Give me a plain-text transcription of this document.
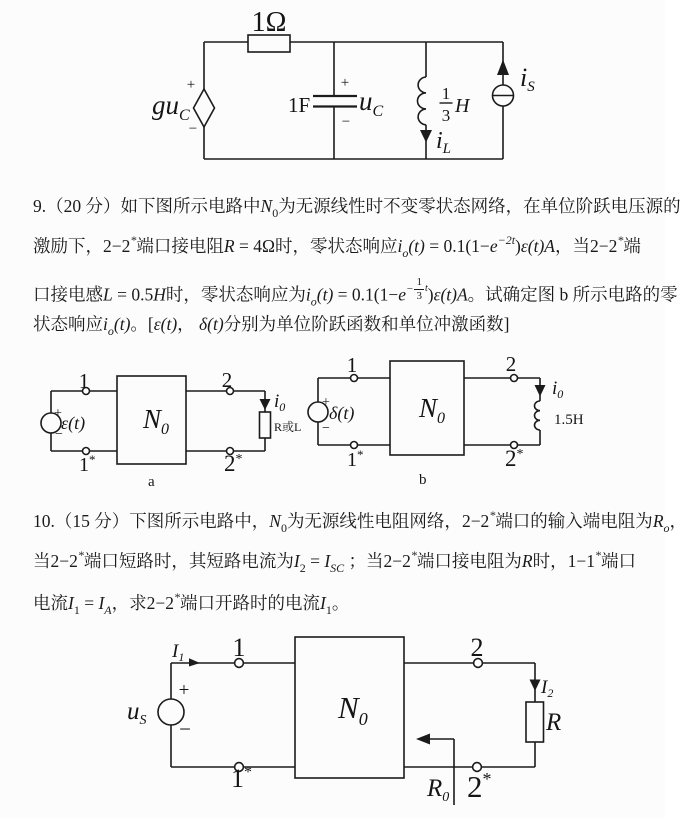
1Ω
$gu_C$
+
−
1F
+
−
$u_C$
1
3 H
$i_L$
iS
9.（20 分）如下图所示电路中$N_0$为无源线性时不变零状态网络，在单位阶跃电压源的
激励下，2−2*端口接电阻R = 4Ω时，零状态响应$i_o(t) = 0.1(1-e^{-2t})\varepsilon(t)A$，当2−2*端
口接电感L = 0.5H时，零状态响应为$i_o(t) = 0.1(1-e - \frac{1}{3}$ t )ε(t)A。试确定图 b 所示电路的零
状态响应$i_o(t)$。[ε(t)， δ(t)分别为单位阶跃函数和单位冲激函数]
+
−
ε(t)
1
1*
2
2*
$N_0$
$i_0$
R或L
a
+
−
δ(t)
1
1*
2
2*
$N_0$
$i_0$
1.5H
b
10.（15 分）下图所示电路中，$N_0$为无源线性电阻网络，2−2*端口的输入端电阻为$R_o$，
当2−2*端口短路时，其短路电流为$I_2 = I_{SC}$ ；当2−2*端口接电阻为R时，1−1*端口
电流$I_1 = I_A$，求2−2*端口开路时的电流$I_1$。
$I_1$
+
−
$u_S$
1
1*
2
2*
$N_0$
$I_2$
R
$R_0$
